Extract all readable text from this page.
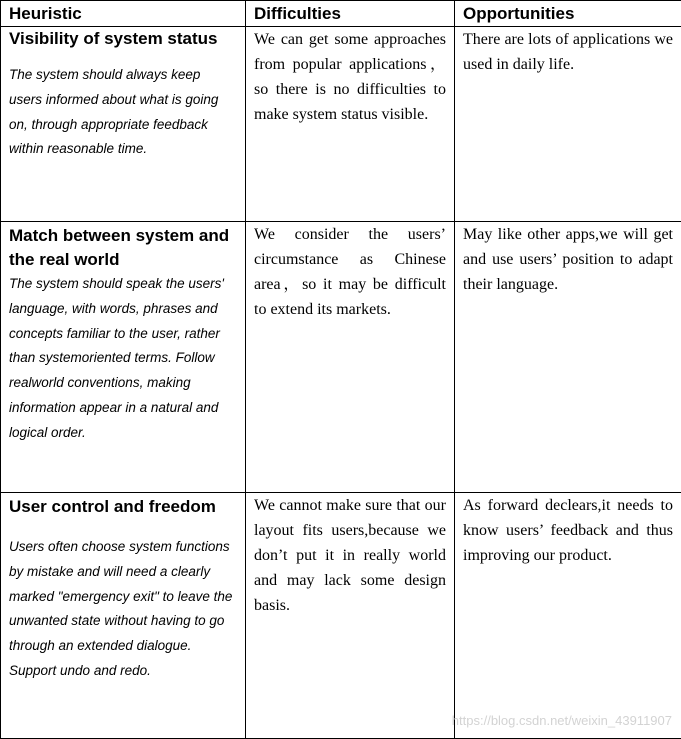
Heuristic	Difficulties	Opportunities

Visibility of system status
The system should always keep users informed about what is going on, through appropriate feedback within reasonable time.	We can get some approaches from popular applications，so there is no difficulties to make system status visible.	There are lots of applications we used in daily life.

Match between system and the real world
The system should speak the users' language, with words, phrases and concepts familiar to the user, rather than systemoriented terms. Follow realworld conventions, making information appear in a natural and logical order.	We consider the users’ circumstance as Chinese area，so it may be difficult to extend its markets.	May like other apps,we will get and use users’ position to adapt their language.

User control and freedom
Users often choose system functions by mistake and will need a clearly marked "emergency exit" to leave the unwanted state without having to go through an extended dialogue. Support undo and redo.	We cannot make sure that our layout fits users,because we don’t put it in really world and may lack some design basis.	As forward declears,it needs to know users’ feedback and thus improving our product.
https://blog.csdn.net/weixin_43911907
